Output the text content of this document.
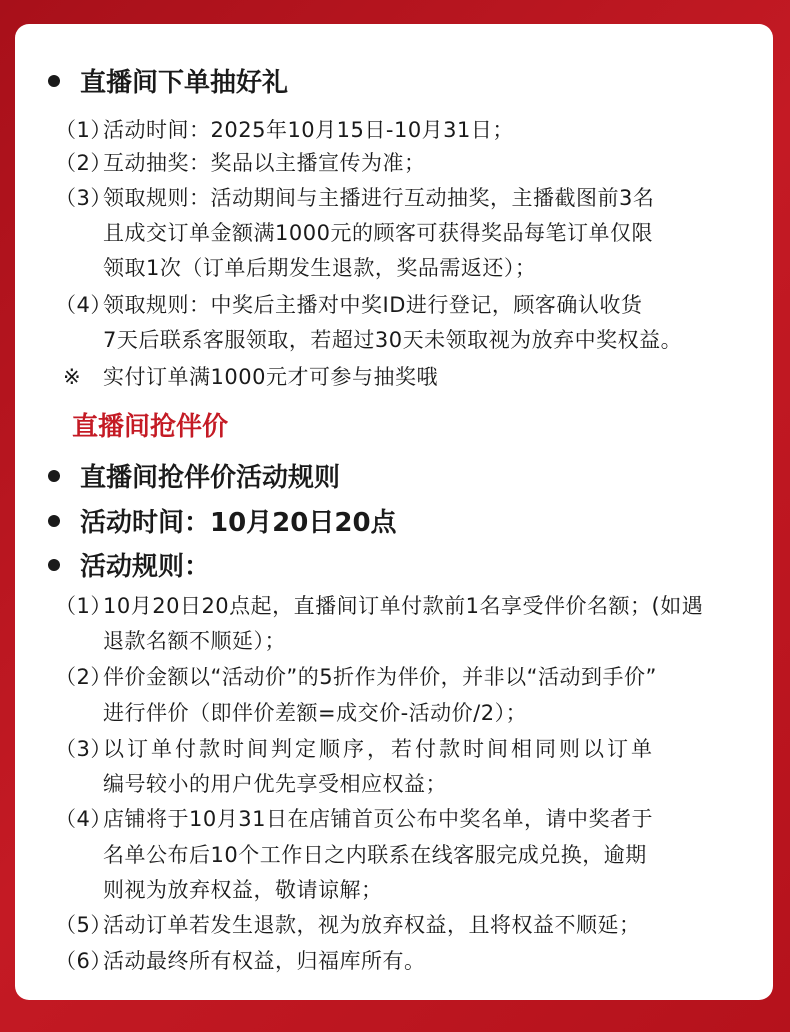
直播间下单抽好礼
（1）活动时间：2025年10月15日-10月31日；
（2）互动抽奖：奖品以主播宣传为准；
（3）领取规则：活动期间与主播进行互动抽奖，主播截图前3名
且成交订单金额满1000元的顾客可获得奖品每笔订单仅限
领取1次（订单后期发生退款，奖品需返还）；
（4）领取规则：中奖后主播对中奖ID进行登记，顾客确认收货
7天后联系客服领取，若超过30天未领取视为放弃中奖权益。
※ 实付订单满1000元才可参与抽奖哦
直播间抢伴价
直播间抢伴价活动规则
活动时间：10月20日20点
活动规则：
（1）10月20日20点起，直播间订单付款前1名享受伴价名额；(如遇
退款名额不顺延）；
（2）伴价金额以“活动价”的5折作为伴价，并非以“活动到手价”
进行伴价（即伴价差额=成交价-活动价/2）；
（3）以订单付款时间判定顺序，若付款时间相同则以订单
编号较小的用户优先享受相应权益；
（4）店铺将于10月31日在店铺首页公布中奖名单，请中奖者于
名单公布后10个工作日之内联系在线客服完成兑换，逾期
则视为放弃权益，敬请谅解；
（5）活动订单若发生退款，视为放弃权益，且将权益不顺延；
（6）活动最终所有权益，归福库所有。
